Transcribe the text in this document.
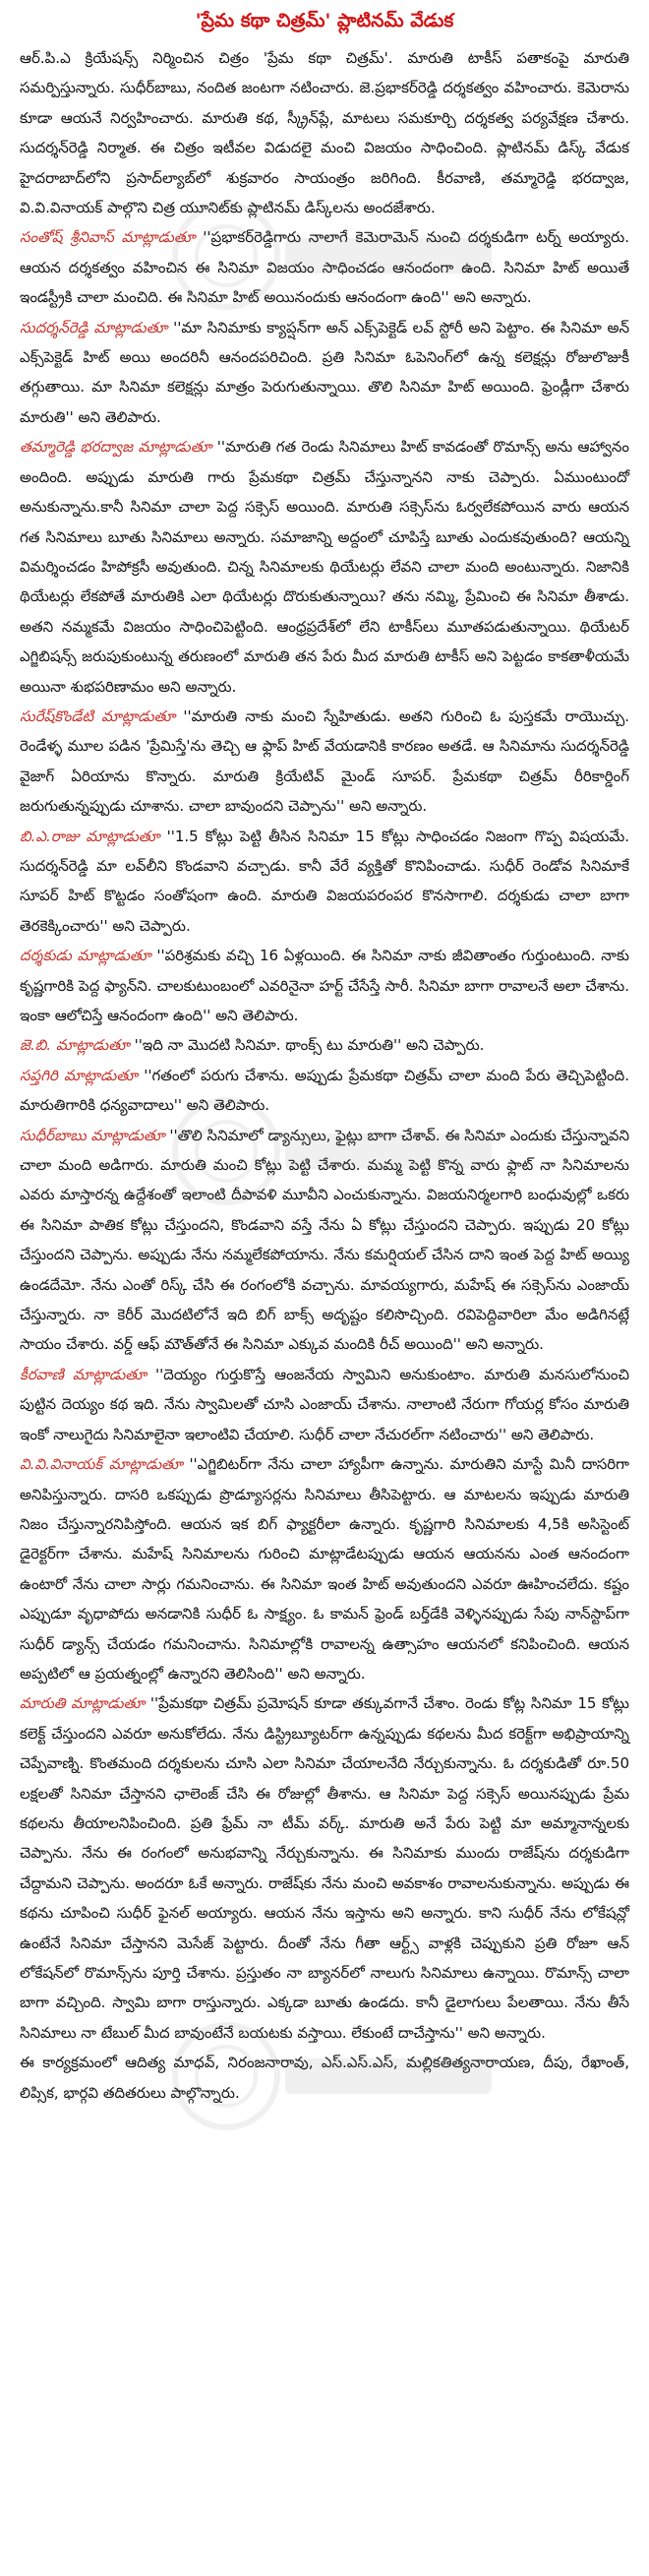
'ప్రేమ కథా చిత్రమ్' ప్లాటినమ్ వేడుక

ఆర్.పి.ఎ క్రియేషన్స్ నిర్మించిన చిత్రం 'ప్రేమ కథా చిత్రమ్'. మారుతి టాకీస్ పతాకంపై మారుతి సమర్పిస్తున్నారు. సుధీర్‌బాబు, నందిత జంటగా నటించారు. జె.ప్రభాకర్‌రెడ్డి దర్శకత్వం వహించారు. కెమెరాను కూడా ఆయనే నిర్వహించారు. మారుతి కథ, స్క్రీన్‌ప్లే, మాటలు సమకూర్చి దర్శకత్వ పర్యవేక్షణ చేశారు. సుదర్శన్‌రెడ్డి నిర్మాత. ఈ చిత్రం ఇటీవల విడుదలై మంచి విజయం సాధించింది. ప్లాటినమ్ డిస్క్ వేడుక హైదరాబాద్‌లోని ప్రసాద్‌ల్యాబ్‌లో శుక్రవారం సాయంత్రం జరిగింది. కీరవాణి, తమ్మారెడ్డి భరద్వాజ, వి.వి.వినాయక్ పాల్గొని చిత్ర యూనిట్‌కు ప్లాటినమ్ డిస్క్‌లను అందజేశారు.

సంతోష్ శ్రీనివాస్ మాట్లాడుతూ ''ప్రభాకర్‌రెడ్డిగారు నాలాగే కెమెరామెన్ నుంచి దర్శకుడిగా టర్న్ అయ్యారు. ఆయన దర్శకత్వం వహించిన ఈ సినిమా విజయం సాధించడం ఆనందంగా ఉంది. సినిమా హిట్ అయితే ఇండస్ట్రీకి చాలా మంచిది. ఈ సినిమా హిట్ అయినందుకు ఆనందంగా ఉంది'' అని అన్నారు.

సుదర్శన్‌రెడ్డి మాట్లాడుతూ ''మా సినిమాకు క్యాప్షన్‌గా అన్ ఎక్స్‌పెక్టెడ్ లవ్ స్టోరీ అని పెట్టాం. ఈ సినిమా అన్ ఎక్స్‌పెక్టెడ్ హిట్ అయి అందరినీ ఆనందపరిచింది. ప్రతి సినిమా ఓపెనింగ్‌లో ఉన్న కలెక్షన్లు రోజులొజుకీ తగ్గుతాయి. మా సినిమా కలెక్షన్లు మాత్రం పెరుగుతున్నాయి. తొలి సినిమా హిట్ అయింది. ఫ్రెండ్లీగా చేశారు మారుతి'' అని తెలిపారు.

తమ్మారెడ్డి భరద్వాజ మాట్లాడుతూ ''మారుతి గత రెండు సినిమాలు హిట్ కావడంతో రొమాన్స్ అను ఆహ్వానం అందింది. అప్పుడు మారుతి గారు ప్రేమకథా చిత్రమ్ చేస్తున్నానని నాకు చెప్పారు. ఏముంటుందో అనుకున్నాను.కానీ సినిమా చాలా పెద్ద సక్సెస్ అయింది. మారుతి సక్సెస్‌ను ఓర్వలేకపోయిన వారు ఆయన గత సినిమాలు బూతు సినిమాలు అన్నారు. సమాజాన్ని అద్దంలో చూపిస్తే బూతు ఎందుకవుతుంది? ఆయన్ని విమర్శించడం హిపోక్రసీ అవుతుంది. చిన్న సినిమాలకు థియేటర్లు లేవని చాలా మంది అంటున్నారు. నిజానికి థియేటర్లు లేకపోతే మారుతికి ఎలా థియేటర్లు దొరుకుతున్నాయి? తను నమ్మి, ప్రేమించి ఈ సినిమా తీశాడు. అతని నమ్మకమే విజయం సాధించిపెట్టింది. ఆంధ్రప్రదేశ్‌లో లేని టాకీస్‌లు మూతపడుతున్నాయి. థియేటర్ ఎగ్జిబిషన్స్ జరుపుకుంటున్న తరుణంలో మారుతి తన పేరు మీద మారుతి టాకీస్ అని పెట్టడం కాకతాళీయమే అయినా శుభపరిణామం అని అన్నారు.

సురేష్‌కొండేటి మాట్లాడుతూ ''మారుతి నాకు మంచి స్నేహితుడు. అతని గురించి ఓ పుస్తకమే రాయొచ్చు. రెండేళ్ళ మూల పడిన 'ప్రేమిస్తే'ను తెచ్చి ఆ ఫ్లాప్ హిట్ వేయడానికి కారణం అతడే. ఆ సినిమాను సుదర్శన్‌రెడ్డి వైజాగ్ ఏరియాను కొన్నారు. మారుతి క్రియేటివ్ మైండ్ సూపర్. ప్రేమకథా చిత్రమ్ రీరికార్డింగ్ జరుగుతున్నప్పుడు చూశాను. చాలా బావుందని చెప్పాను'' అని అన్నారు.

బి.ఎ.రాజు మాట్లాడుతూ ''1.5 కోట్లు పెట్టి తీసిన సినిమా 15 కోట్లు సాధించడం నిజంగా గొప్ప విషయమే. సుదర్శన్‌రెడ్డి మా లవ్‌లీని కొండవాని వచ్చాడు. కానీ వేరే వ్యక్తితో కొనిపించాడు. సుధీర్ రెండోవ సినిమాకే సూపర్ హిట్ కొట్టడం సంతోషంగా ఉంది. మారుతి విజయపరంపర కొనసాగాలి. దర్శకుడు చాలా బాగా తెరకెక్కించారు'' అని చెప్పారు.

దర్శకుడు మాట్లాడుతూ ''పరిశ్రమకు వచ్చి 16 ఏళ్లయింది. ఈ సినిమా నాకు జీవితాంతం గుర్తుంటుంది. నాకు కృష్ణగారికి పెద్ద ఫ్యాన్‌ని. చాలకుటుంబంలో ఎవరినైనా హర్ట్ చేసేస్తే సారీ. సినిమా బాగా రావాలనే అలా చేశాను. ఇంకా ఆలోచిస్తే ఆనందంగా ఉంది'' అని తెలిపారు.

జె.బి. మాట్లాడుతూ ''ఇది నా మొదటి సినిమా. థాంక్స్ టు మారుతి'' అని చెప్పారు.

సప్తగిరి మాట్లాడుతూ ''గతంలో పరుగు చేశాను. అప్పుడు ప్రేమకథా చిత్రమ్ చాలా మంది పేరు తెచ్చిపెట్టింది. మారుతిగారికి ధన్యవాదాలు'' అని తెలిపారు.

సుధీర్‌బాబు మాట్లాడుతూ ''తొలి సినిమాలో డ్యాన్సులు, ఫైట్లు బాగా చేశావ్. ఈ సినిమా ఎందుకు చేస్తున్నావని చాలా మంది అడిగారు. మారుతి మంచి కోట్లు పెట్టి చేశారు. మమ్మ పెట్టి కొన్న వారు ఫ్లాట్ నా సినిమాలను ఎవరు మాస్తారన్న ఉద్దేశంతో ఇలాంటి దీపావళి మూవీని ఎంచుకున్నాను. విజయనిర్మలగారి బంధువుల్లో ఒకరు ఈ సినిమా పాతిక కోట్లు చేస్తుందని, కొండవాని వస్తే నేను ఏ కోట్లు చేస్తుందని చెప్పారు. ఇప్పుడు 20 కోట్లు చేస్తుందని చెప్పాను. అప్పుడు నేను నమ్మలేకపోయాను. నేను కమర్షియల్ చేసిన దాని ఇంత పెద్ద హిట్ అయ్యి ఉండదేమో. నేను ఎంతో రిస్క్ చేసి ఈ రంగంలోకి వచ్చాను. మావయ్యగారు, మహేష్ ఈ సక్సెస్‌ను ఎంజాయ్ చేస్తున్నారు. నా కెరీర్ మొదటిలోనే ఇది బిగ్ బాక్స్ అదృష్టం కలిసొచ్చింది. రవిపెద్దివారిలా మేం అడిగినట్లే సాయం చేశారు. వర్డ్ ఆఫ్ మౌత్‌తోనే ఈ సినిమా ఎక్కువ మందికి రీచ్ అయింది'' అని అన్నారు.

కీరవాణి మాట్లాడుతూ ''దెయ్యం గుర్తుకొస్తే ఆంజనేయ స్వామిని అనుకుంటాం. మారుతి మనసులోనుంచి పుట్టిన దెయ్యం కథ ఇది. నేను స్వామిలతో చూసి ఎంజాయ్ చేశాను. నాలాంటి నేరుగా గోయర్ల కోసం మారుతి ఇంకో నాలుగైదు సినిమాలైనా ఇలాంటివి చేయాలి. సుధీర్ చాలా నేచురల్‌గా నటించారు'' అని తెలిపారు.

వి.వి.వినాయక్ మాట్లాడుతూ ''ఎగ్జిబిటర్‌గా నేను చాలా హ్యాపీగా ఉన్నాను. మారుతిని మాస్టే మినీ దాసరిగా అనిపిస్తున్నారు. దాసరి ఒకప్పుడు ప్రొడ్యూసర్లను సినిమాలు తీసిపెట్టారు. ఆ మాటలను ఇప్పుడు మారుతి నిజం చేస్తున్నారనిపిస్తోంది. ఆయన ఇక బిగ్ ఫ్యాక్టరీలా ఉన్నారు. కృష్ణగారి సినిమాలకు 4,5కి అసిస్టెంట్ డైరెక్టర్‌గా చేశాను. మహేష్ సినిమాలను గురించి మాట్లాడేటప్పుడు ఆయన ఆయనను ఎంత ఆనందంగా ఉంటారో నేను చాలా సార్లు గమనించాను. ఈ సినిమా ఇంత హిట్ అవుతుందని ఎవరూ ఊహించలేదు. కష్టం ఎప్పుడూ వృధాపోదు అనడానికి సుధీర్ ఓ సాక్ష్యం. ఓ కామన్ ఫ్రెండ్ బర్త్‌డేకి వెళ్ళినప్పుడు సేపు నాన్‌స్టాప్‌గా సుధీర్ డ్యాన్స్ చేయడం గమనించాను. సినిమాల్లోకి రావాలన్న ఉత్సాహం ఆయనలో కనిపించింది. ఆయన అప్పటిలో ఆ ప్రయత్నంల్లో ఉన్నారని తెలిసింది'' అని అన్నారు.

మారుతి మాట్లాడుతూ ''ప్రేమకథా చిత్రమ్ ప్రమోషన్ కూడా తక్కువగానే చేశాం. రెండు కోట్ల సినిమా 15 కోట్లు కలెక్ట్ చేస్తుందని ఎవరూ అనుకోలేదు. నేను డిస్ట్రిబ్యూటర్‌గా ఉన్నప్పుడు కథలను మీద కరెక్ట్‌గా అభిప్రాయాన్ని చెప్పేవాణ్ని. కొంతమంది దర్శకులను చూసి ఎలా సినిమా చేయాలనేది నేర్చుకున్నాను. ఓ దర్శకుడితో రూ.50 లక్షలతో సినిమా చేస్తానని ఛాలెంజ్ చేసి ఈ రోజుల్లో తీశాను. ఆ సినిమా పెద్ద సక్సెస్ అయినప్పుడు ప్రేమ కథలను తీయాలనిపించింది. ప్రతి ఫ్రేమ్ నా టీమ్ వర్క్. మారుతి అనే పేరు పెట్టి మా అమ్మానాన్నలకు చెప్పాను. నేను ఈ రంగంలో అనుభవాన్ని నేర్చుకున్నాను. ఈ సినిమాకు ముందు రాజేష్‌ను దర్శకుడిగా చేద్దామని చెప్పాను. అందరూ ఓకే అన్నారు. రాజేష్‌కు నేను మంచి అవకాశం రావాలనుకున్నాను. అప్పుడు ఈ కథను చూపించి సుధీర్ ఫైనల్ అయ్యారు. ఆయన నేను ఇస్తాను అని అన్నారు. కాని సుధీర్ నేను లోకేషన్లో ఉంటేనే సినిమా చేస్తానని మెసేజ్ పెట్టారు. దీంతో నేను గీతా ఆర్ట్స్ వాళ్లకి చెప్పుకుని ప్రతి రోజూ ఆన్ లోకేషన్‌లో రొమాన్స్‌ను పూర్తి చేశాను. ప్రస్తుతం నా బ్యానర్‌లో నాలుగు సినిమాలు ఉన్నాయి. రొమాన్స్ చాలా బాగా వచ్చింది. స్వామి బాగా రాస్తున్నారు. ఎక్కడా బూతు ఉండదు. కానీ డైలాగులు పేలతాయి. నేను తీసే సినిమాలు నా టేబుల్ మీద బావుంటేనే బయటకు వస్తాయి. లేకుంటే దాచేస్తాను'' అని అన్నారు.

ఈ కార్యక్రమంలో ఆదిత్య మాధవ్, నిరంజనారావు, ఎస్.ఎస్.ఎస్, మల్లికతిత్యనారాయణ, దీపు, రేఖాంత్, లిప్సిక, భార్గవి తదితరులు పాల్గొన్నారు.
